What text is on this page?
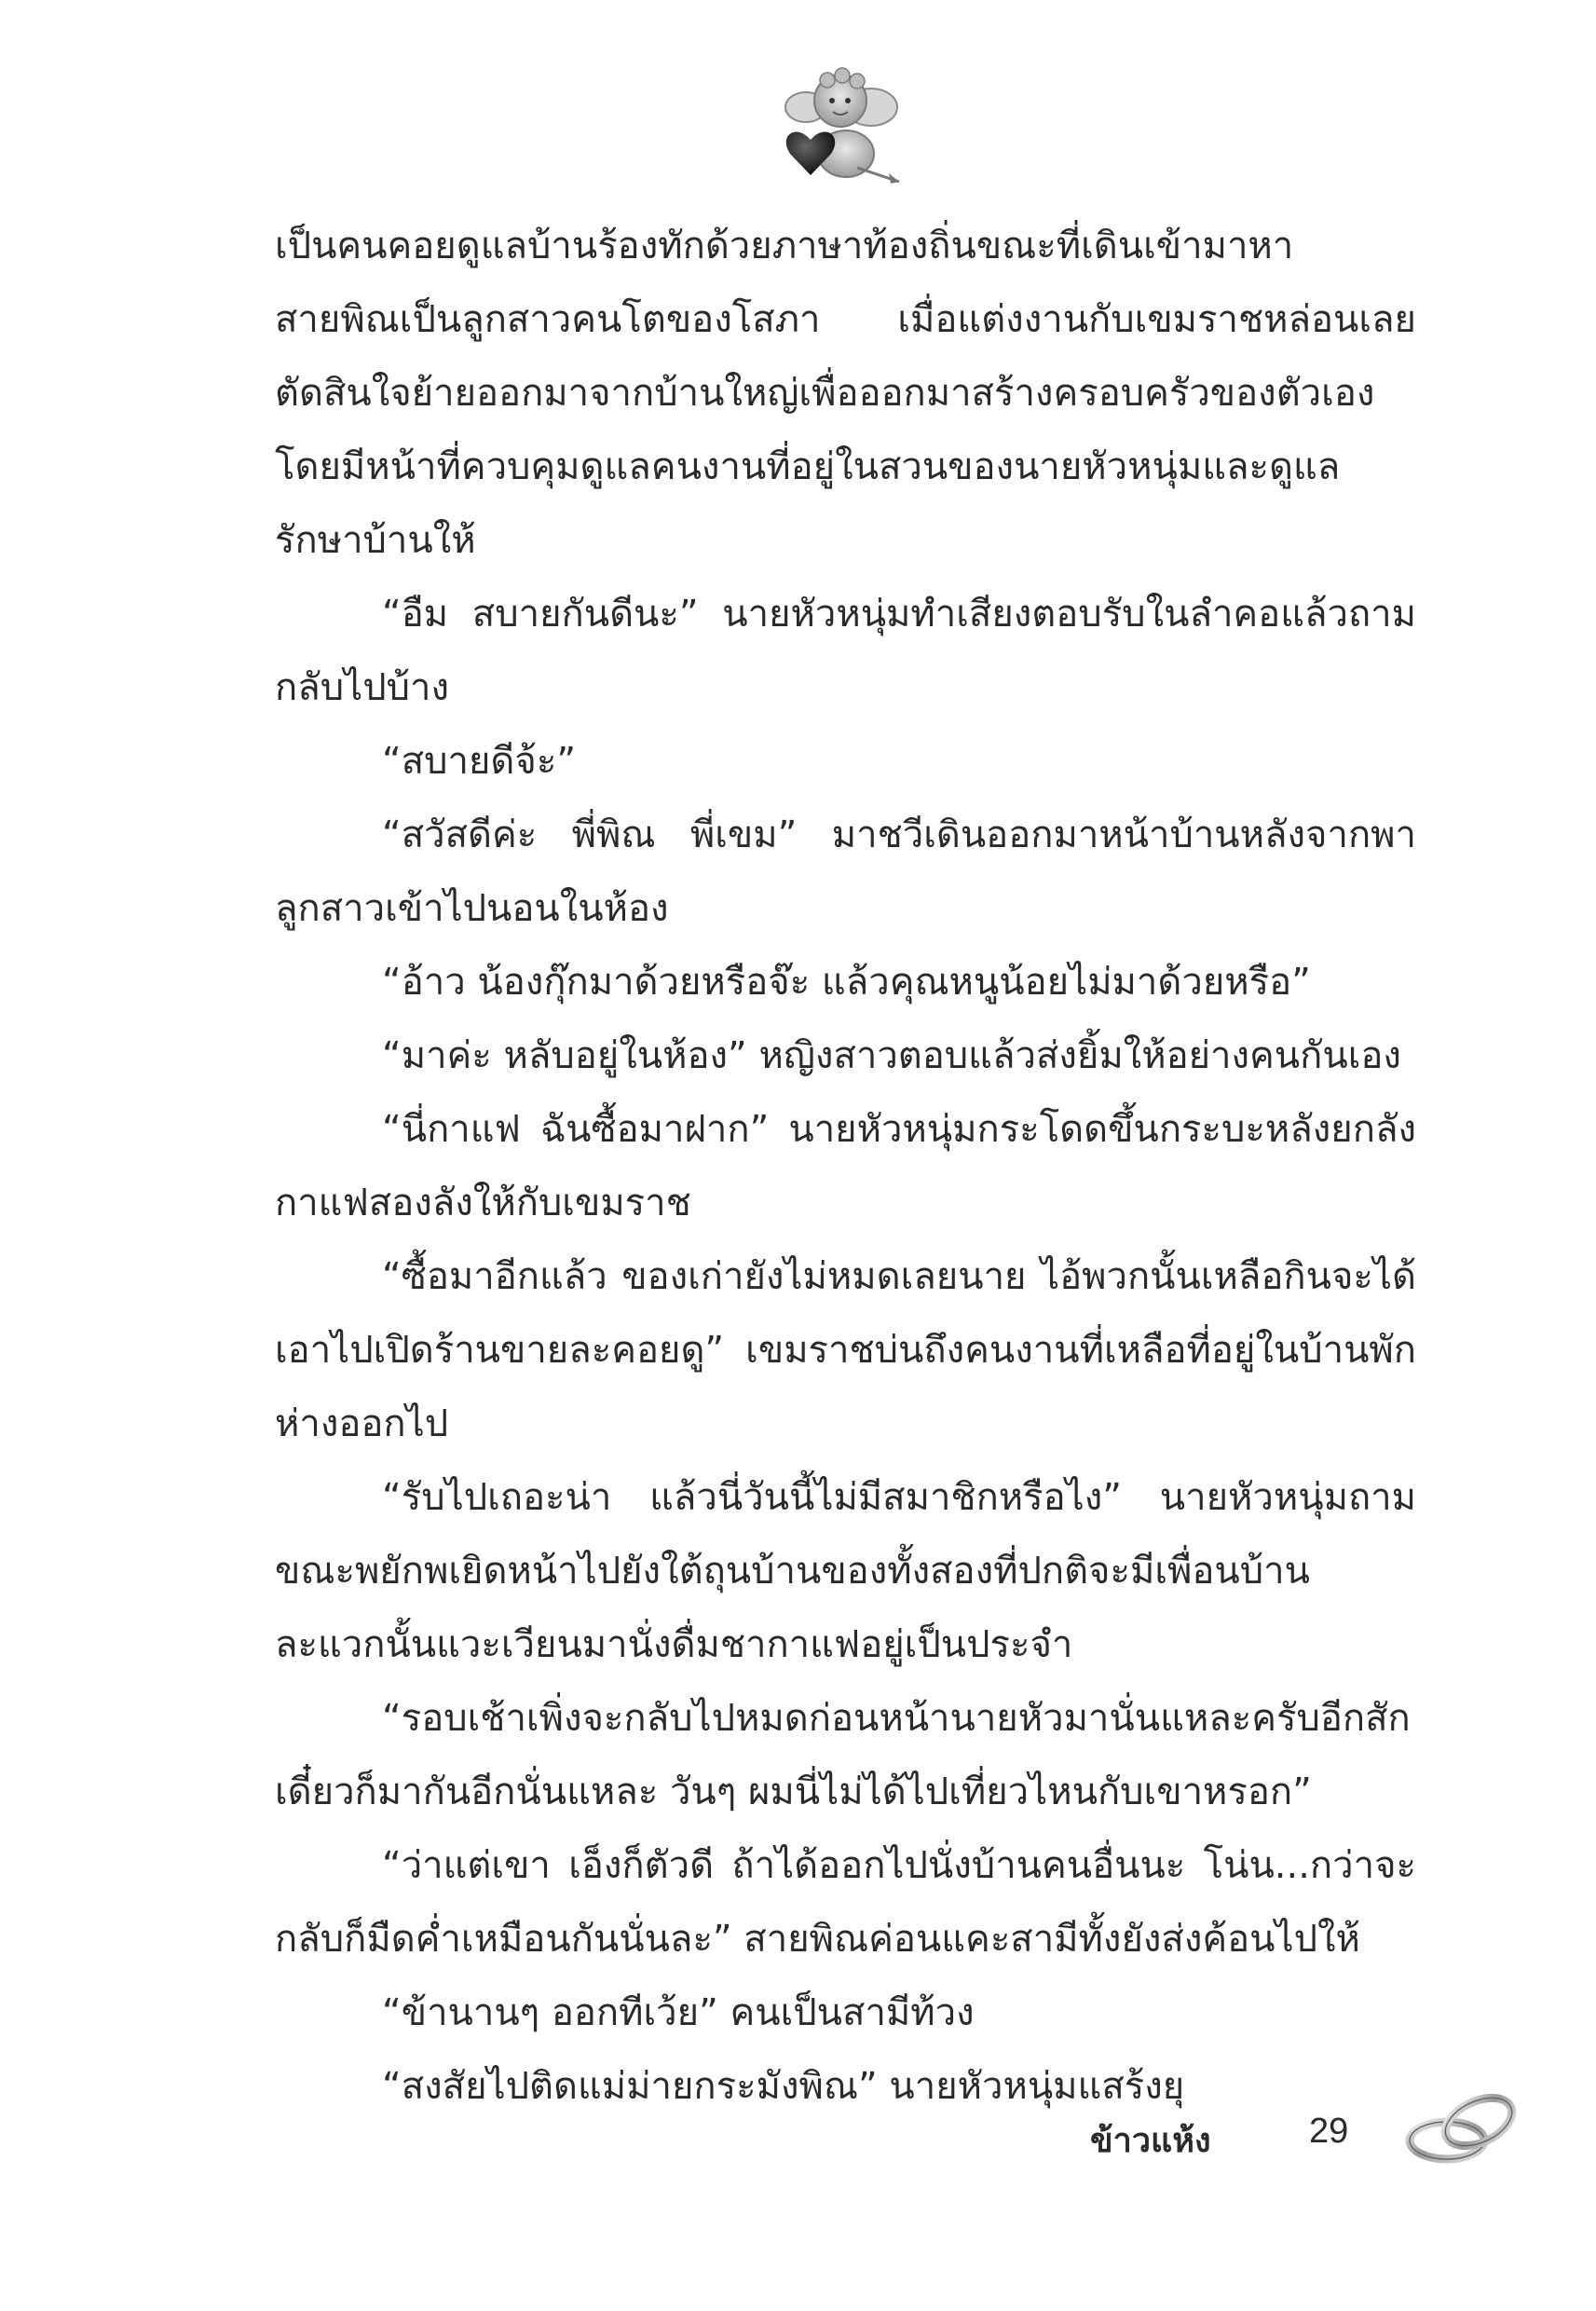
เป็นคนคอยดูแลบ้านร้องทักด้วยภาษาท้องถิ่นขณะที่เดินเข้ามาหา

สายพิณเป็นลูกสาวคนโตของโสภา เมื่อแต่งงานกับเขมราชหล่อนเลยตัดสินใจย้ายออกมาจากบ้านใหญ่เพื่อออกมาสร้างครอบครัวของตัวเองโดยมีหน้าที่ควบคุมดูแลคนงานที่อยู่ในสวนของนายหัวหนุ่มและดูแลรักษาบ้านให้

“อืม สบายกันดีนะ” นายหัวหนุ่มทำเสียงตอบรับในลำคอแล้วถามกลับไปบ้าง

“สบายดีจ้ะ”

“สวัสดีค่ะ พี่พิณ พี่เขม” มาชวีเดินออกมาหน้าบ้านหลังจากพาลูกสาวเข้าไปนอนในห้อง

“อ้าว น้องกุ๊กมาด้วยหรือจ๊ะ แล้วคุณหนูน้อยไม่มาด้วยหรือ”

“มาค่ะ หลับอยู่ในห้อง” หญิงสาวตอบแล้วส่งยิ้มให้อย่างคนกันเอง

“นี่กาแฟ ฉันซื้อมาฝาก” นายหัวหนุ่มกระโดดขึ้นกระบะหลังยกลังกาแฟสองลังให้กับเขมราช

“ซื้อมาอีกแล้ว ของเก่ายังไม่หมดเลยนาย ไอ้พวกนั้นเหลือกินจะได้เอาไปเปิดร้านขายละคอยดู” เขมราชบ่นถึงคนงานที่เหลือที่อยู่ในบ้านพักห่างออกไป

“รับไปเถอะน่า แล้วนี่วันนี้ไม่มีสมาชิกหรือไง” นายหัวหนุ่มถามขณะพยักพเยิดหน้าไปยังใต้ถุนบ้านของทั้งสองที่ปกติจะมีเพื่อนบ้านละแวกนั้นแวะเวียนมานั่งดื่มชากาแฟอยู่เป็นประจำ

“รอบเช้าเพิ่งจะกลับไปหมดก่อนหน้านายหัวมานั่นแหละครับอีกสักเดี๋ยวก็มากันอีกนั่นแหละ วันๆ ผมนี่ไม่ได้ไปเที่ยวไหนกับเขาหรอก”

“ว่าแต่เขา เอ็งก็ตัวดี ถ้าได้ออกไปนั่งบ้านคนอื่นนะ โน่น...กว่าจะกลับก็มืดค่ำเหมือนกันนั่นละ” สายพิณค่อนแคะสามีทั้งยังส่งค้อนไปให้

“ข้านานๆ ออกทีเว้ย” คนเป็นสามีท้วง

“สงสัยไปติดแม่ม่ายกระมังพิณ” นายหัวหนุ่มแสร้งยุ

ข้าวแห้ง	29
